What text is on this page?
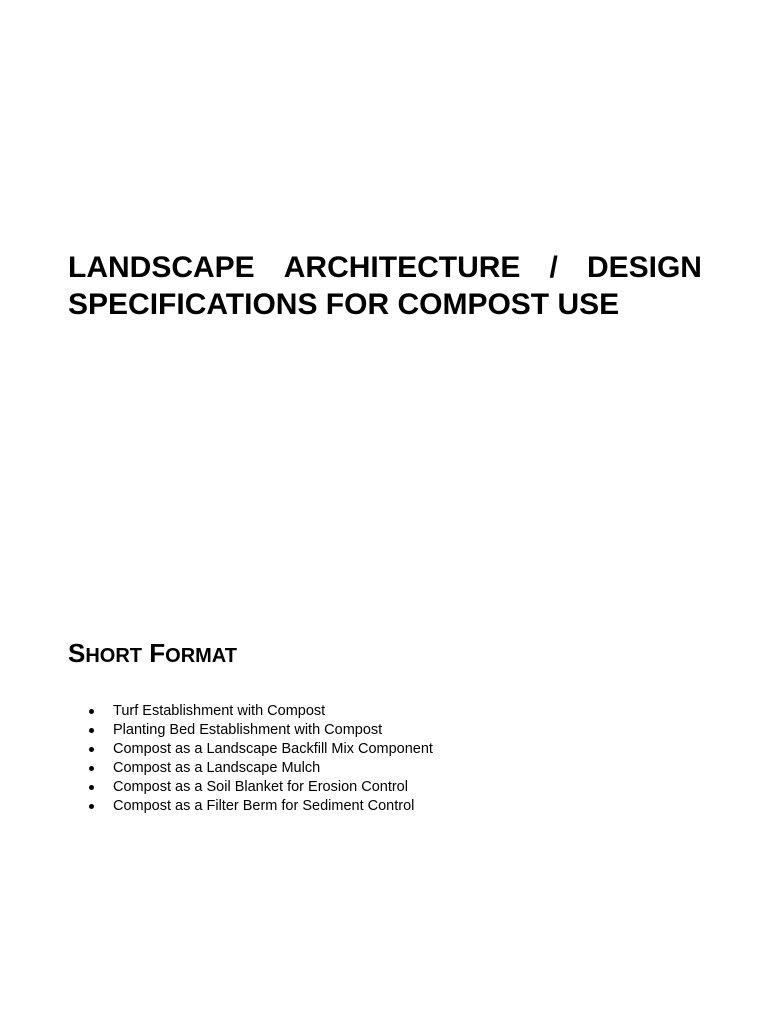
LANDSCAPE ARCHITECTURE / DESIGN
SPECIFICATIONS FOR COMPOST USE
SHORT FORMAT
Turf Establishment with Compost
Planting Bed Establishment with Compost
Compost as a Landscape Backfill Mix Component
Compost as a Landscape Mulch
Compost as a Soil Blanket for Erosion Control
Compost as a Filter Berm for Sediment Control
